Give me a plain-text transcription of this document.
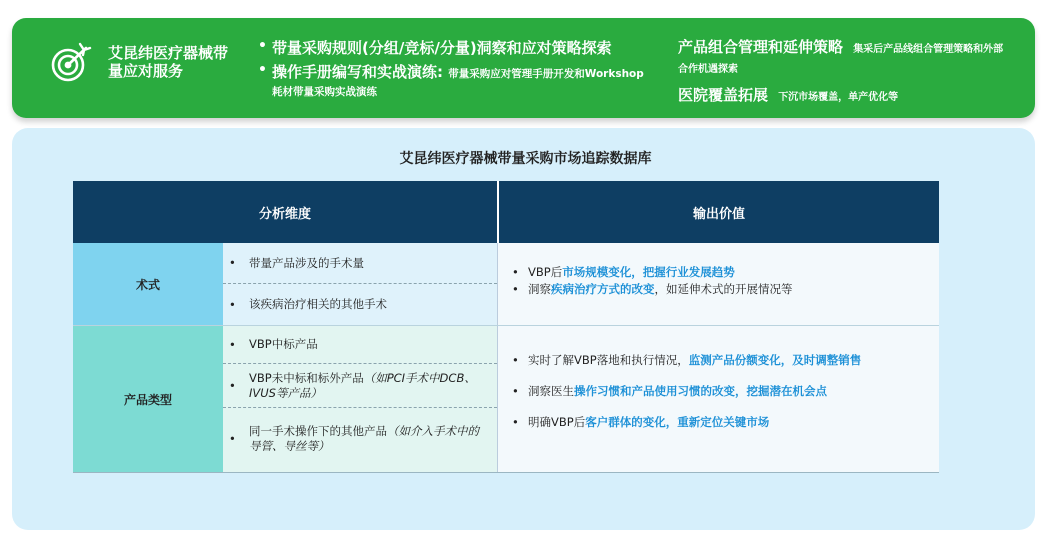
艾昆纬医疗器械带量应对服务
• 带量采购规则(分组/竞标/分量)洞察和应对策略探索
• 操作手册编写和实战演练: 带量采购应对管理手册开发和Workshop耗材带量采购实战演练
产品组合管理和延伸策略 集采后产品线组合管理策略和外部合作机遇探索
医院覆盖拓展 下沉市场覆盖，单产优化等
艾昆纬医疗器械带量采购市场追踪数据库
分析维度	输出价值
术式
• 带量产品涉及的手术量
• 该疾病治疗相关的其他手术
• VBP后市场规模变化，把握行业发展趋势
• 洞察疾病治疗方式的改变，如延伸术式的开展情况等
产品类型
• VBP中标产品
•
VBP未中标和标外产品（如PCI手术中DCB、IVUS等产品）
•
同一手术操作下的其他产品（如介入手术中的导管、导丝等）
• 实时了解VBP落地和执行情况，监测产品份额变化，及时调整销售
• 洞察医生操作习惯和产品使用习惯的改变，挖掘潜在机会点
• 明确VBP后客户群体的变化，重新定位关键市场
